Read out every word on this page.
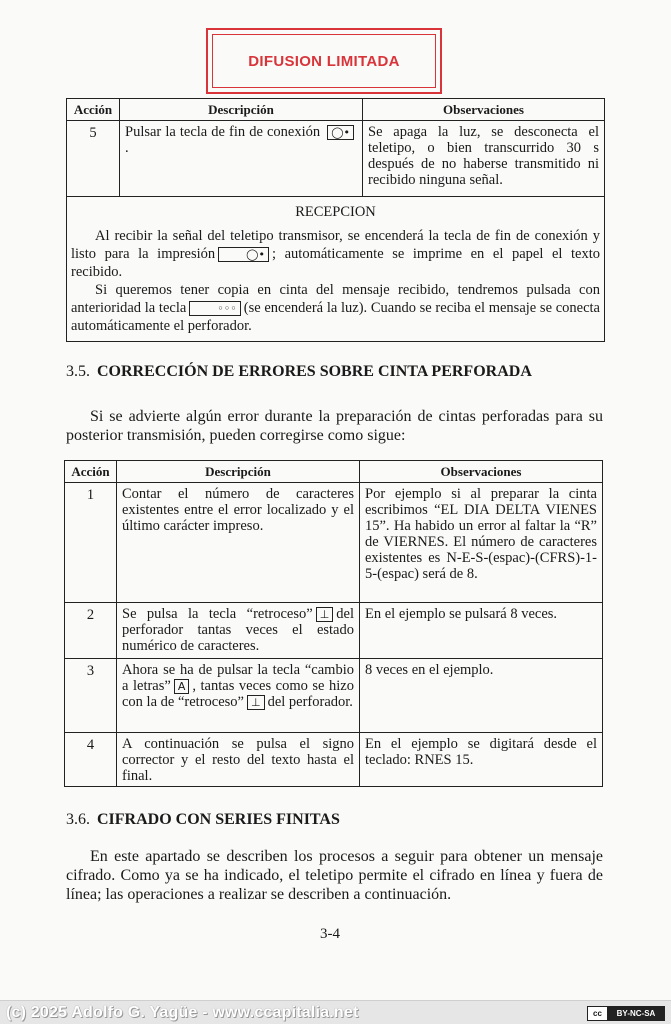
DIFUSION LIMITADA
Acción	Descripción	Observaciones
5	Pulsar la tecla de fin de conexión ◯•.	Se apaga la luz, se desconecta el teletipo, o bien transcurrido 30 s después de no haberse transmitido ni recibido ninguna señal.

RECEPCION
Al recibir la señal del teletipo transmisor, se encenderá la tecla de fin de conexión y listo para la impresión ◯• ; automáticamente se imprime en el papel el texto recibido.
Si queremos tener copia en cinta del mensaje recibido, tendremos pulsada con anterioridad la tecla ◦◦◦ (se encenderá la luz). Cuando se reciba el mensaje se conecta automáticamente el perforador.		
3.5. CORRECCIÓN DE ERRORES SOBRE CINTA PERFORADA
Si se advierte algún error durante la preparación de cintas perforadas para su posterior transmisión, pueden corregirse como sigue:
Acción	Descripción	Observaciones
1	Contar el número de caracteres existentes entre el error localizado y el último carácter impreso.	Por ejemplo si al preparar la cinta escribimos “EL DIA DELTA VIENES 15”. Ha habido un error al faltar la “R” de VIERNES. El número de caracteres existentes es N-E-S-(espac)-(CFRS)-1-5-(espac) será de 8.
2	Se pulsa la tecla “retroceso” ⊥ del perforador tantas veces el estado numérico de caracteres.	En el ejemplo se pulsará 8 veces.
3	Ahora se ha de pulsar la tecla “cambio a letras” A , tantas veces como se hizo con la de “retroceso” ⊥ del perforador.	8 veces en el ejemplo.
4	A continuación se pulsa el signo corrector y el resto del texto hasta el final.	En el ejemplo se digitará desde el teclado: RNES 15.
3.6. CIFRADO CON SERIES FINITAS
En este apartado se describen los procesos a seguir para obtener un mensaje cifrado. Como ya se ha indicado, el teletipo permite el cifrado en línea y fuera de línea; las operaciones a realizar se describen a continuación.
3-4
(c) 2025 Adolfo G. Yagüe - www.ccapitalia.net	cc	BY-NC-SA
